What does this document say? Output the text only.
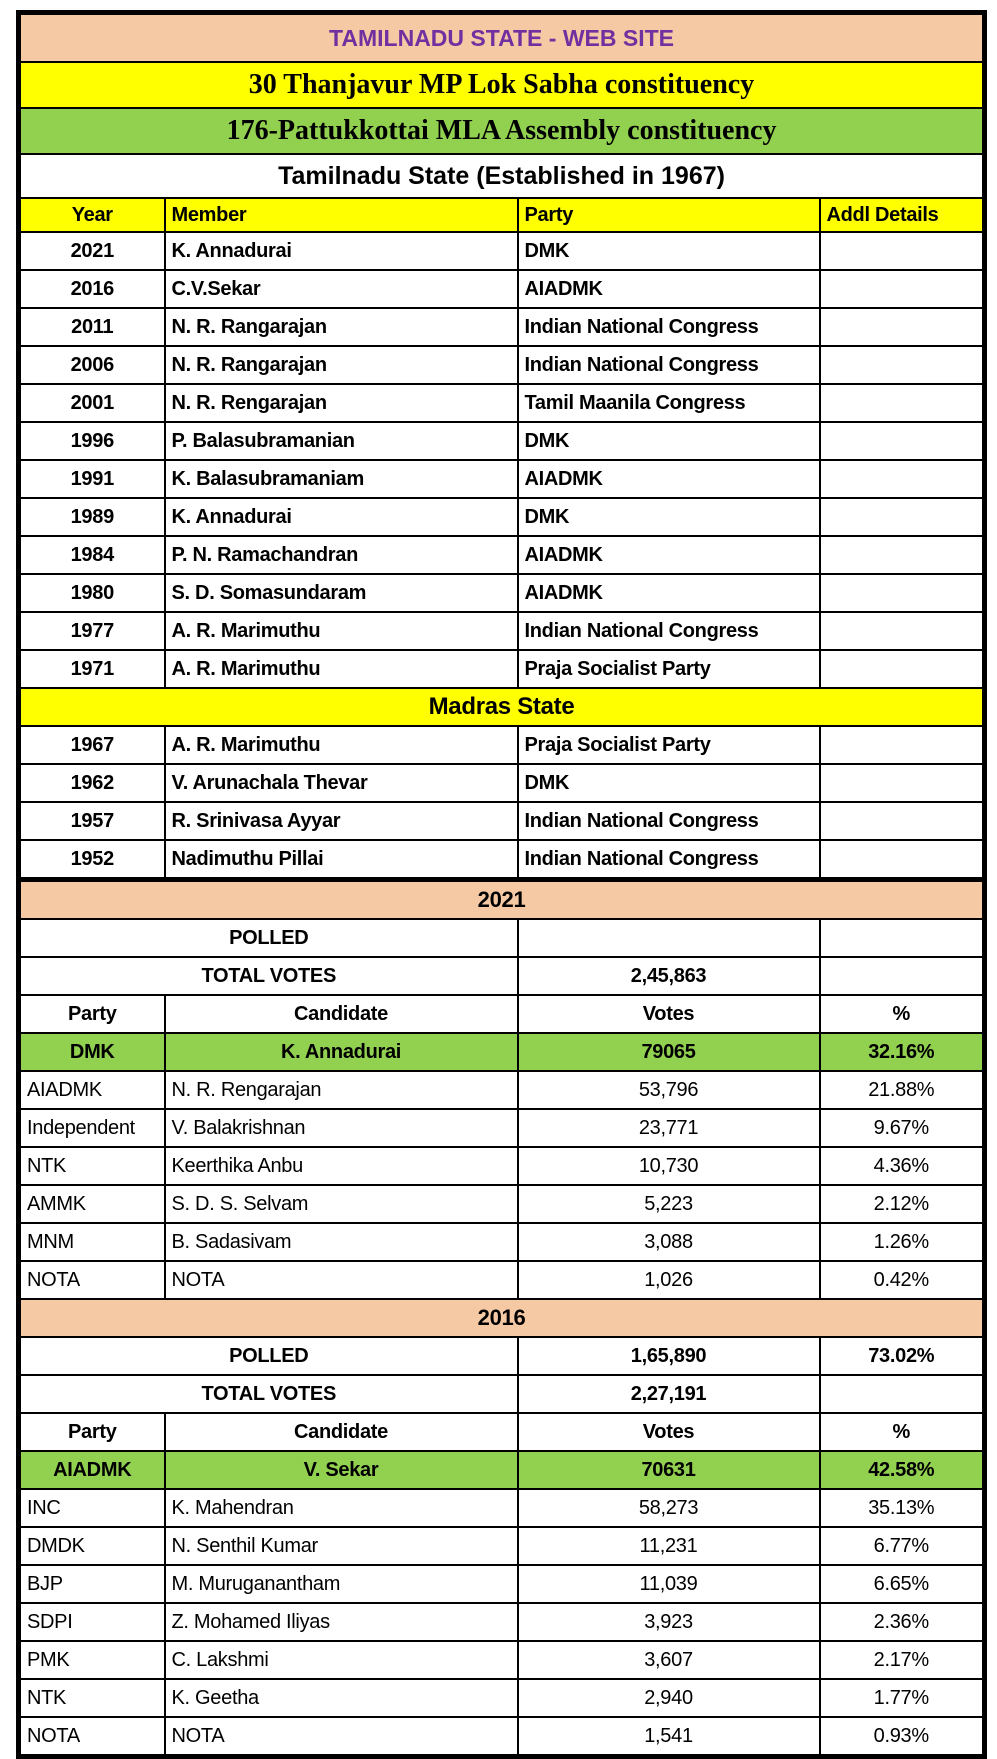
TAMILNADU STATE - WEB SITE			
30 Thanjavur MP Lok Sabha constituency			
176-Pattukkottai MLA Assembly constituency			
Tamilnadu State (Established in 1967)			
Year	Member	Party	Addl Details
2021	K. Annadurai	DMK	
2016	C.V.Sekar	AIADMK	
2011	N. R. Rangarajan	Indian National Congress	
2006	N. R. Rangarajan	Indian National Congress	
2001	N. R. Rengarajan	Tamil Maanila Congress	
1996	P. Balasubramanian	DMK	
1991	K. Balasubramaniam	AIADMK	
1989	K. Annadurai	DMK	
1984	P. N. Ramachandran	AIADMK	
1980	S. D. Somasundaram	AIADMK	
1977	A. R. Marimuthu	Indian National Congress	
1971	A. R. Marimuthu	Praja Socialist Party	
Madras State			
1967	A. R. Marimuthu	Praja Socialist Party	
1962	V. Arunachala Thevar	DMK	
1957	R. Srinivasa Ayyar	Indian National Congress	
1952	Nadimuthu Pillai	Indian National Congress	
2021			
POLLED			
TOTAL VOTES		2,45,863	
Party	Candidate	Votes	%
DMK	K. Annadurai	79065	32.16%
AIADMK	N. R. Rengarajan	53,796	21.88%
Independent	V. Balakrishnan	23,771	9.67%
NTK	Keerthika Anbu	10,730	4.36%
AMMK	S. D. S. Selvam	5,223	2.12%
MNM	B. Sadasivam	3,088	1.26%
NOTA	NOTA	1,026	0.42%
2016			
POLLED		1,65,890	73.02%
TOTAL VOTES		2,27,191	
Party	Candidate	Votes	%
AIADMK	V. Sekar	70631	42.58%
INC	K. Mahendran	58,273	35.13%
DMDK	N. Senthil Kumar	11,231	6.77%
BJP	M. Muruganantham	11,039	6.65%
SDPI	Z. Mohamed Iliyas	3,923	2.36%
PMK	C. Lakshmi	3,607	2.17%
NTK	K. Geetha	2,940	1.77%
NOTA	NOTA	1,541	0.93%
